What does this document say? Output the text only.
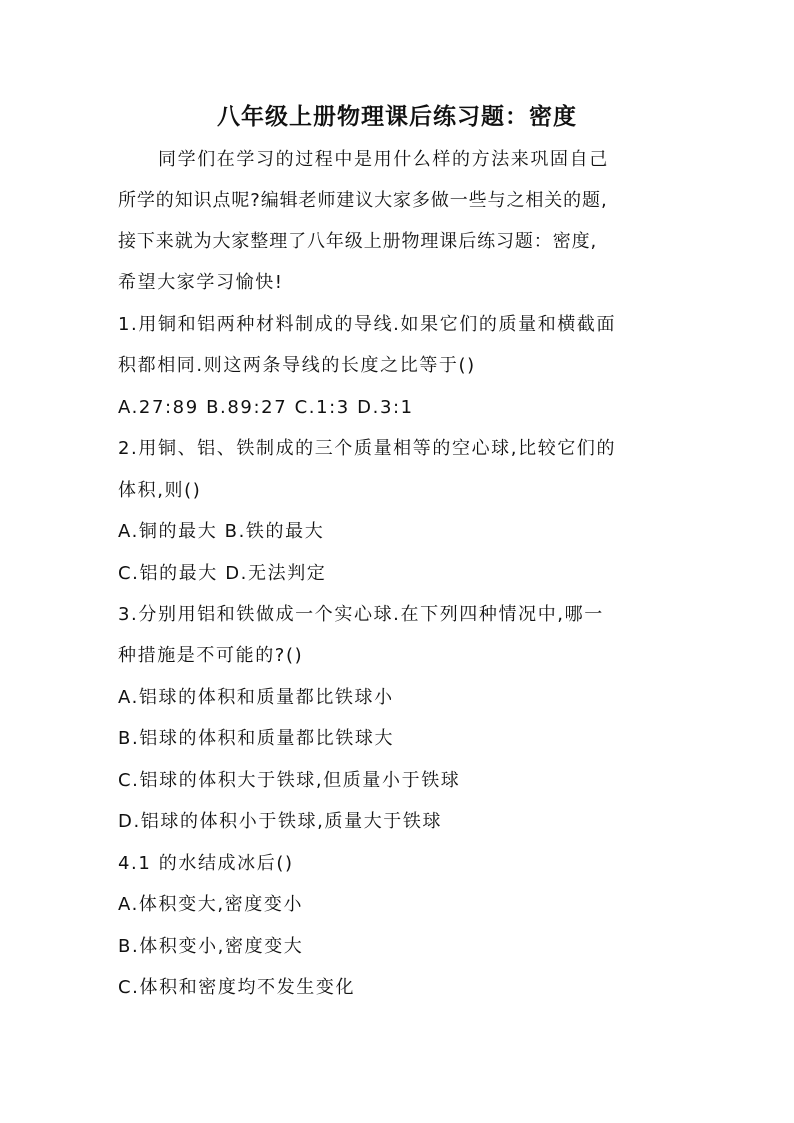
八年级上册物理课后练习题：密度
同学们在学习的过程中是用什么样的方法来巩固自己
所学的知识点呢?编辑老师建议大家多做一些与之相关的题,
接下来就为大家整理了八年级上册物理课后练习题：密度,
希望大家学习愉快!
1.用铜和铝两种材料制成的导线.如果它们的质量和横截面
积都相同.则这两条导线的长度之比等于()
A.27:89 B.89:27 C.1:3 D.3:1
2.用铜、铝、铁制成的三个质量相等的空心球,比较它们的
体积,则()
A.铜的最大 B.铁的最大
C.铝的最大 D.无法判定
3.分别用铝和铁做成一个实心球.在下列四种情况中,哪一
种措施是不可能的?()
A.铝球的体积和质量都比铁球小
B.铝球的体积和质量都比铁球大
C.铝球的体积大于铁球,但质量小于铁球
D.铝球的体积小于铁球,质量大于铁球
4.1 的水结成冰后()
A.体积变大,密度变小
B.体积变小,密度变大
C.体积和密度均不发生变化
